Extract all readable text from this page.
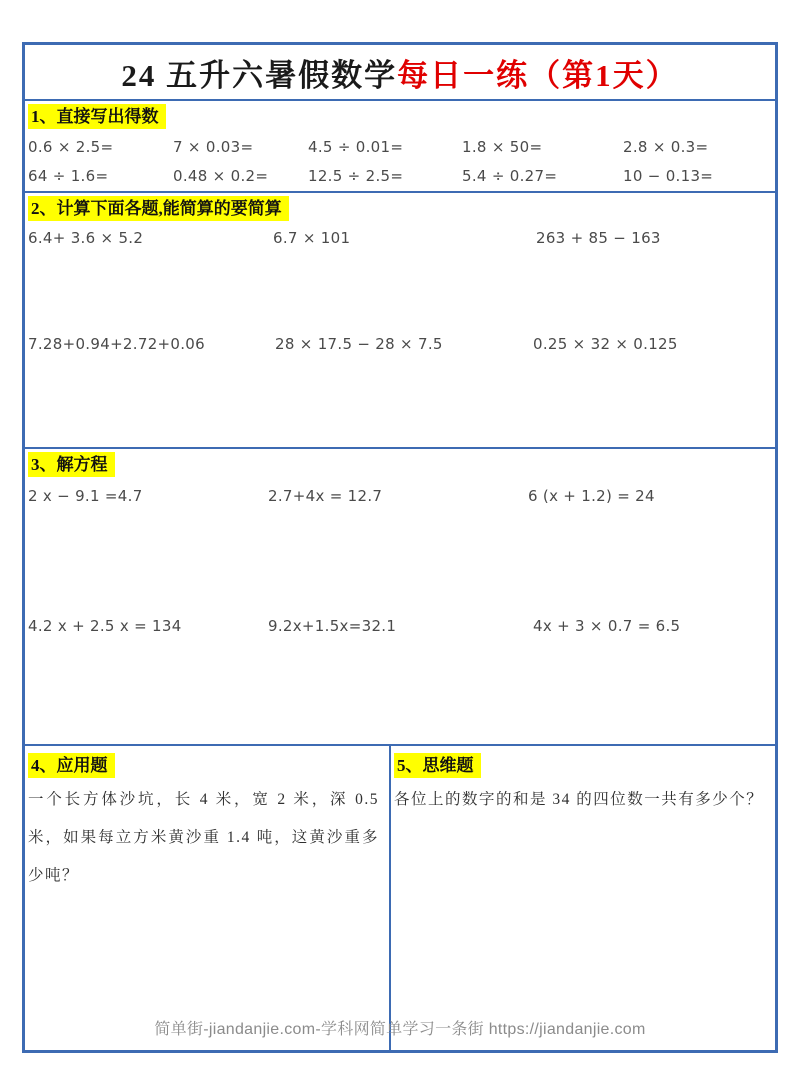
24 五升六暑假数学 每日一练（第1天）
1、直接写出得数
0.6 × 2.5=	7 × 0.03=	4.5 ÷ 0.01=	1.8 × 50=	2.8 × 0.3=
64 ÷ 1.6=	0.48 × 0.2=	12.5 ÷ 2.5=	5.4 ÷ 0.27=	10 − 0.13=
2、计算下面各题,能简算的要简算
6.4+ 3.6 × 5.2	6.7 × 101	263 + 85 − 163
7.28+0.94+2.72+0.06	28 × 17.5 − 28 × 7.5	0.25 × 32 × 0.125
3、解方程
2 x − 9.1 =4.7	2.7+4x = 12.7	6 (x + 1.2) = 24
4.2 x + 2.5 x = 134	9.2x+1.5x=32.1	4x + 3 × 0.7 = 6.5
4、应用题
一个长方体沙坑，长 4 米，宽 2 米，深 0.5 米，如果每立方米黄沙重 1.4 吨，这黄沙重多少吨？
5、思维题
各位上的数字的和是 34 的四位数一共有多少个？
简单街-jiandanjie.com-学科网简单学习一条街 https://jiandanjie.com
